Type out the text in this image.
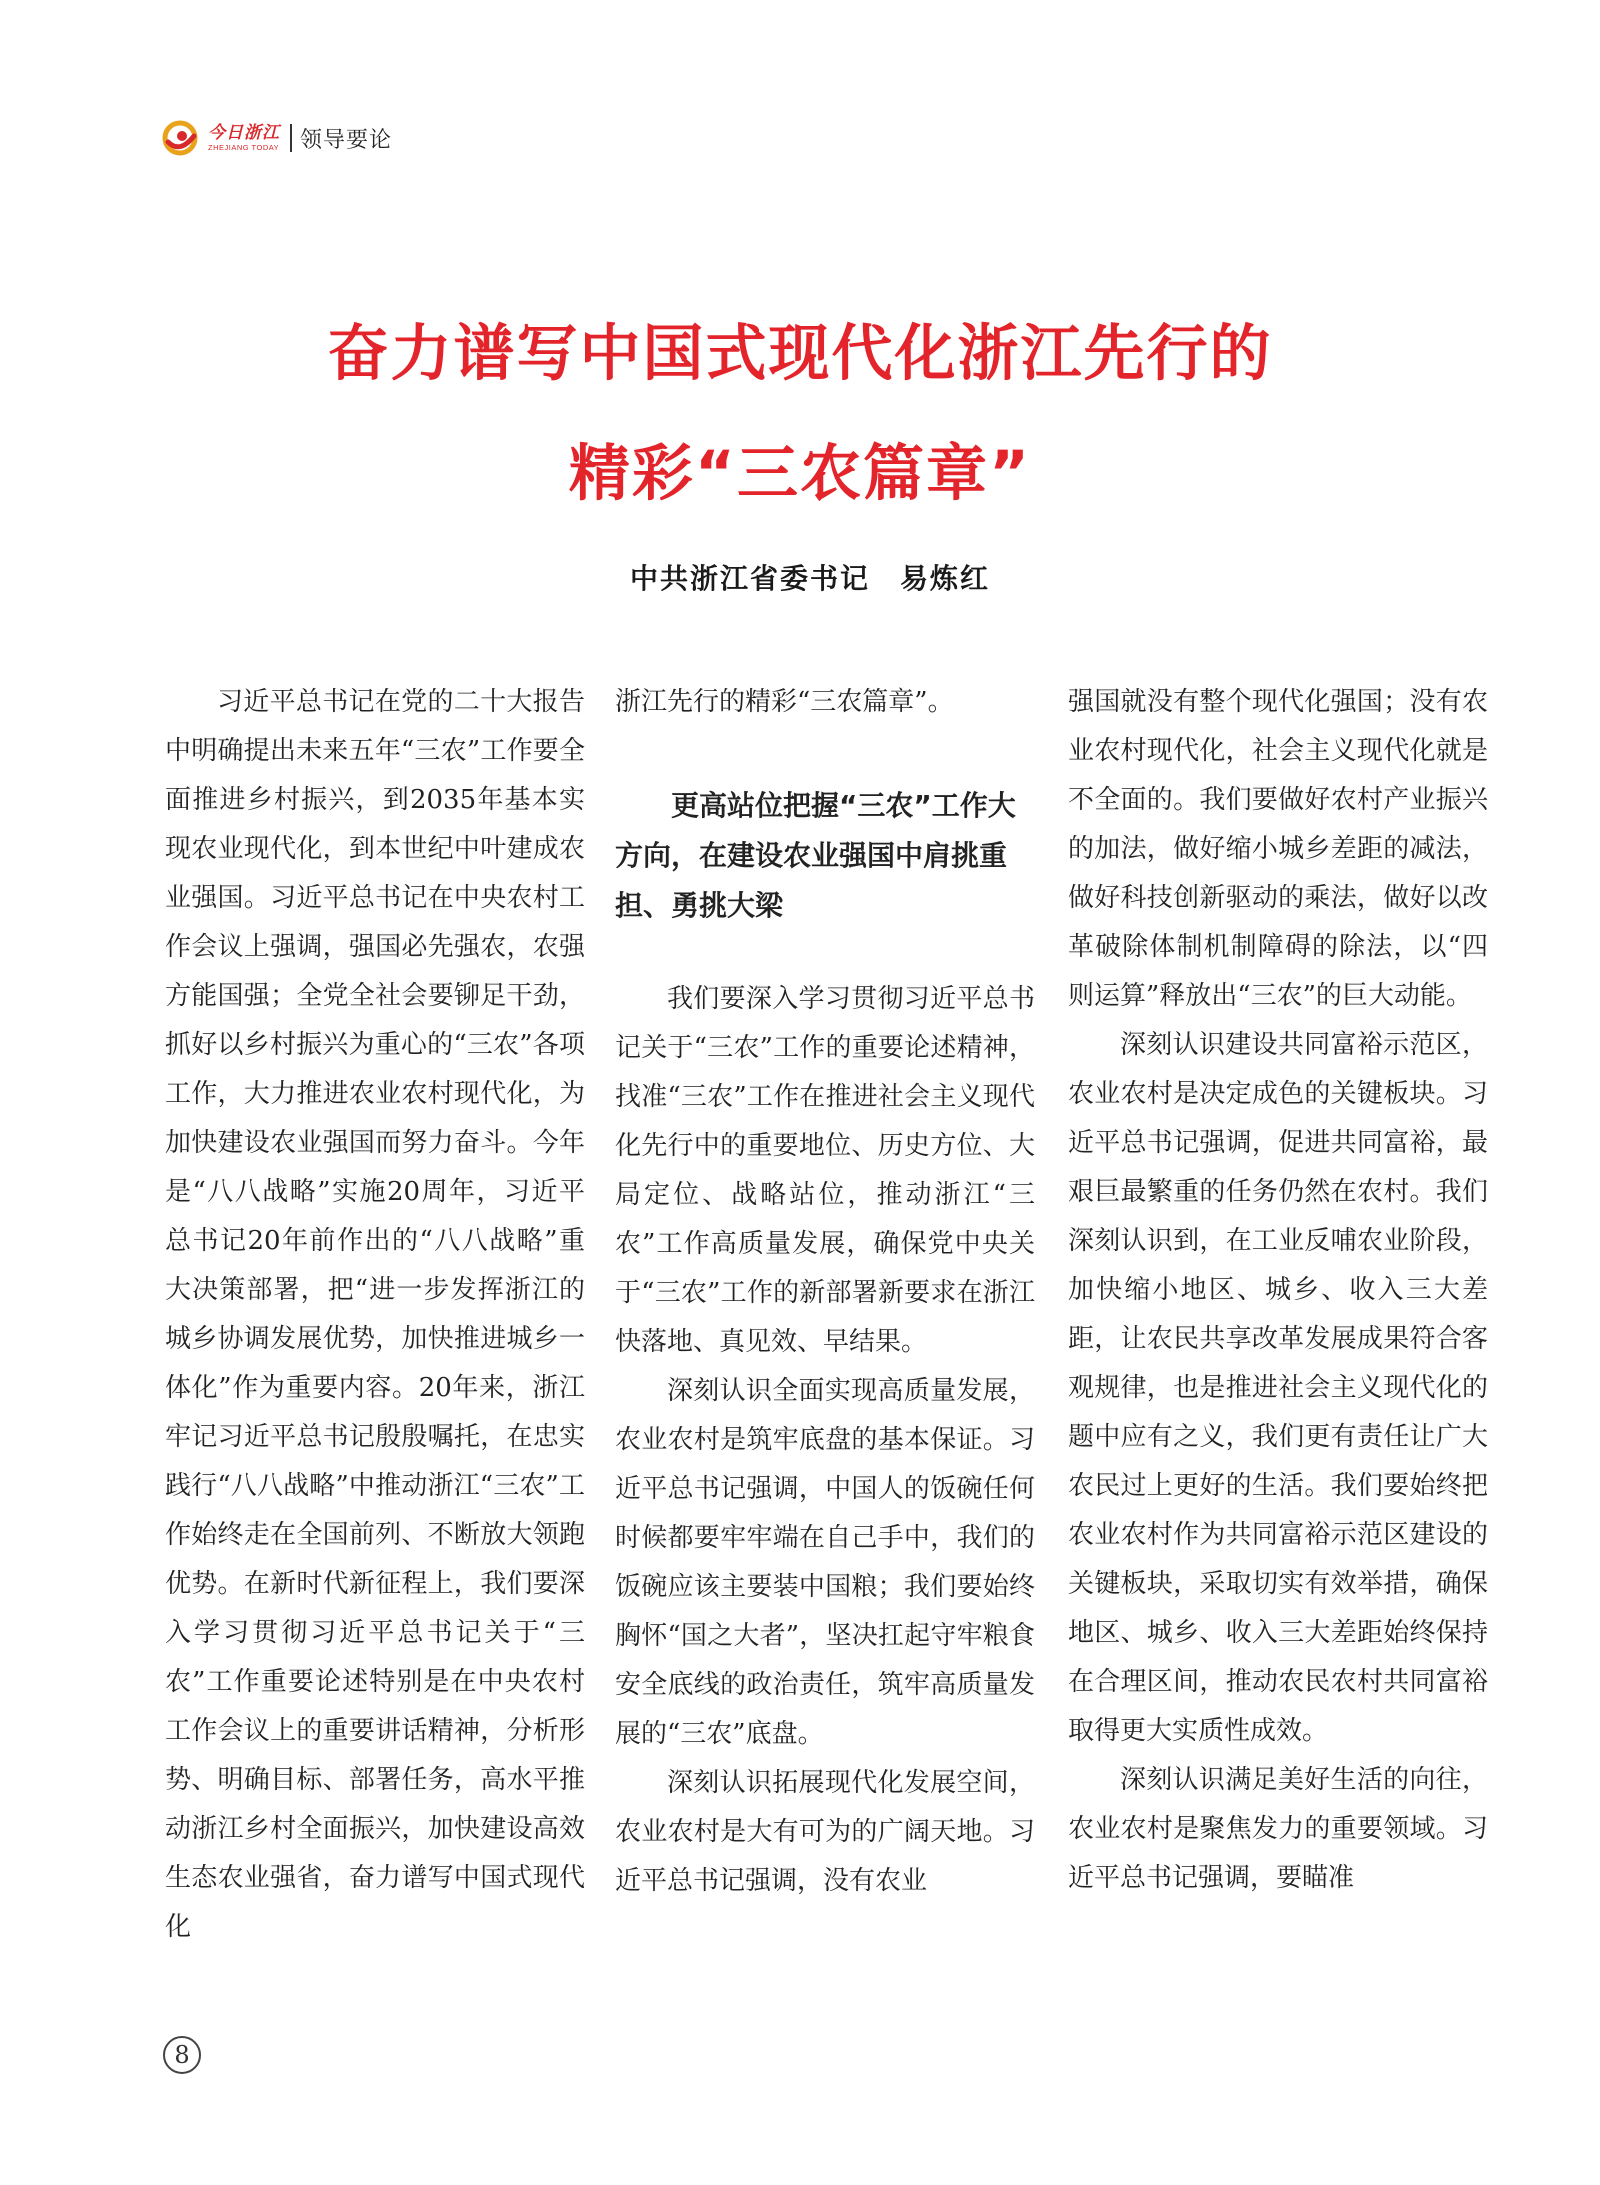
今日浙江
ZHEJIANG TODAY 领导要论
奋力谱写中国式现代化浙江先行的
精彩“三农篇章”
中共浙江省委书记　易炼红

习近平总书记在党的二十大报告中明确提出未来五年“三农”工作要全面推进乡村振兴，到2035年基本实现农业现代化，到本世纪中叶建成农业强国。习近平总书记在中央农村工作会议上强调，强国必先强农，农强方能国强；全党全社会要铆足干劲，抓好以乡村振兴为重心的“三农”各项工作，大力推进农业农村现代化，为加快建设农业强国而努力奋斗。今年是“八八战略”实施20周年，习近平总书记20年前作出的“八八战略”重大决策部署，把“进一步发挥浙江的城乡协调发展优势，加快推进城乡一体化”作为重要内容。20年来，浙江牢记习近平总书记殷殷嘱托，在忠实践行“八八战略”中推动浙江“三农”工作始终走在全国前列、不断放大领跑优势。在新时代新征程上，我们要深入学习贯彻习近平总书记关于“三农”工作重要论述特别是在中央农村工作会议上的重要讲话精神，分析形势、明确目标、部署任务，高水平推动浙江乡村全面振兴，加快建设高效生态农业强省，奋力谱写中国式现代化

浙江先行的精彩“三农篇章”。

更高站位把握“三农”工作大方向，在建设农业强国中肩挑重担、勇挑大梁

我们要深入学习贯彻习近平总书记关于“三农”工作的重要论述精神，找准“三农”工作在推进社会主义现代化先行中的重要地位、历史方位、大局定位、战略站位，推动浙江“三农”工作高质量发展，确保党中央关于“三农”工作的新部署新要求在浙江快落地、真见效、早结果。

深刻认识全面实现高质量发展，农业农村是筑牢底盘的基本保证。习近平总书记强调，中国人的饭碗任何时候都要牢牢端在自己手中，我们的饭碗应该主要装中国粮；我们要始终胸怀“国之大者”，坚决扛起守牢粮食安全底线的政治责任，筑牢高质量发展的“三农”底盘。

深刻认识拓展现代化发展空间，农业农村是大有可为的广阔天地。习近平总书记强调，没有农业

强国就没有整个现代化强国；没有农业农村现代化，社会主义现代化就是不全面的。我们要做好农村产业振兴的加法，做好缩小城乡差距的减法，做好科技创新驱动的乘法，做好以改革破除体制机制障碍的除法，以“四则运算”释放出“三农”的巨大动能。

深刻认识建设共同富裕示范区，农业农村是决定成色的关键板块。习近平总书记强调，促进共同富裕，最艰巨最繁重的任务仍然在农村。我们深刻认识到，在工业反哺农业阶段，加快缩小地区、城乡、收入三大差距，让农民共享改革发展成果符合客观规律，也是推进社会主义现代化的题中应有之义，我们更有责任让广大农民过上更好的生活。我们要始终把农业农村作为共同富裕示范区建设的关键板块，采取切实有效举措，确保地区、城乡、收入三大差距始终保持在合理区间，推动农民农村共同富裕取得更大实质性成效。

深刻认识满足美好生活的向往，农业农村是聚焦发力的重要领域。习近平总书记强调，要瞄准

8
